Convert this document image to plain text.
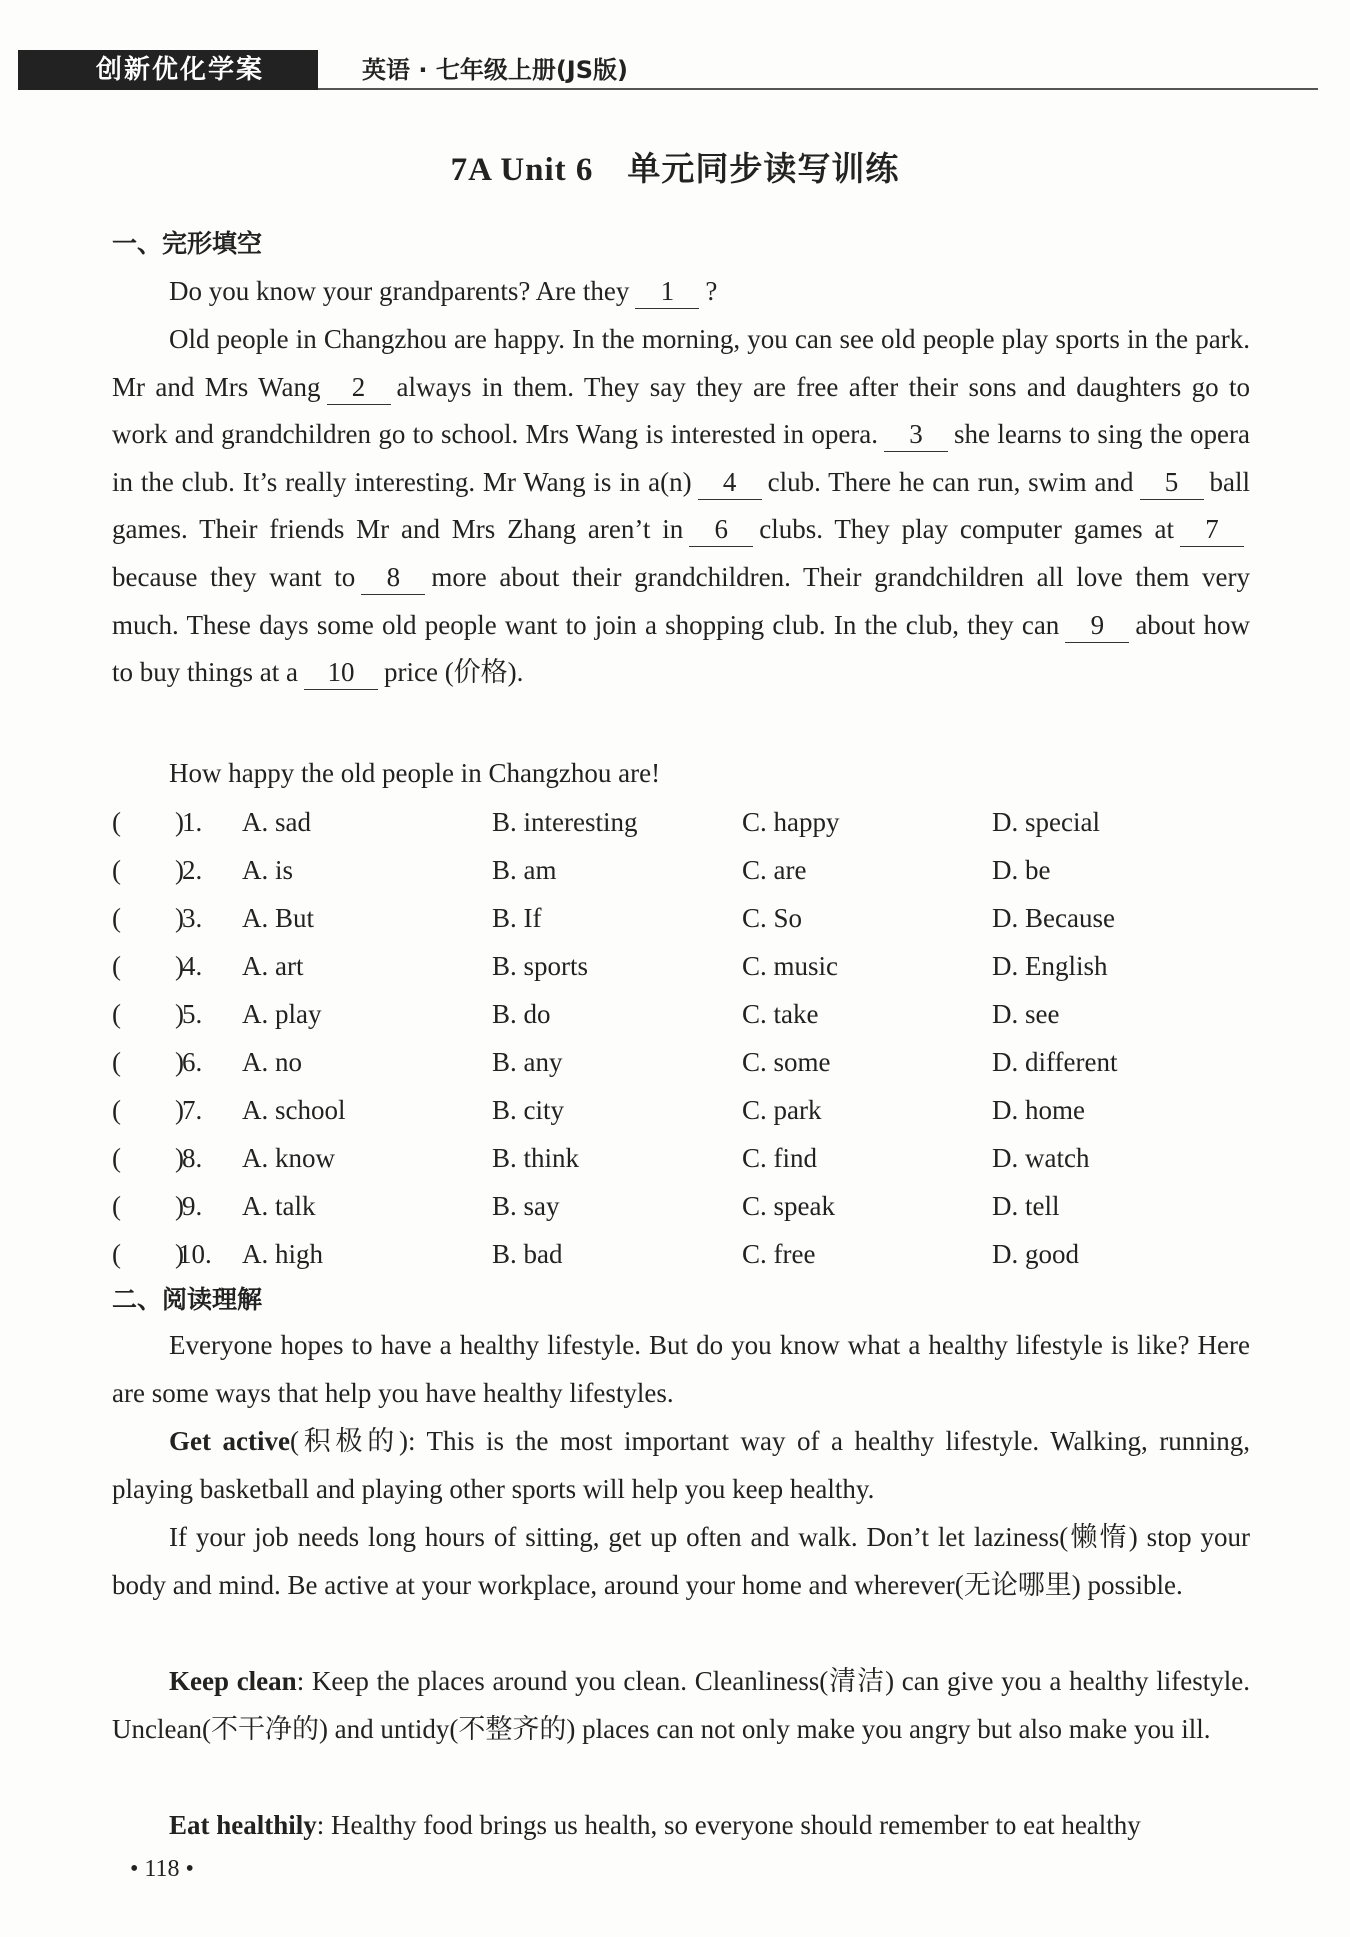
创新优化学案	英语 · 七年级上册(JS版)
7A Unit 6　单元同步读写训练
一、完形填空

Do you know your grandparents? Are they 1 ?

Old people in Changzhou are happy. In the morning, you can see old people play sports in the park. Mr and Mrs Wang 2 always in them. They say they are free after their sons and daughters go to work and grandchildren go to school. Mrs Wang is interested in opera. 3 she learns to sing the opera in the club. It’s really interesting. Mr Wang is in a(n) 4 club. There he can run, swim and 5 ball games. Their friends Mr and Mrs Zhang aren’t in 6 clubs. They play computer games at 7because they want to 8 more about their grandchildren. Their grandchildren all love them very much. These days some old people want to join a shopping club. In the club, they can 9 about how to buy things at a 10 price (价格).

How happy the old people in Changzhou are!

(　　)
1. A. sad	B. interesting	C. happy	D. special
(　　)
2. A. is	B. am	C. are	D. be
(　　)
3. A. But	B. If	C. So	D. Because
(　　)
4. A. art	B. sports	C. music	D. English
(　　)
5. A. play	B. do	C. take	D. see
(　　)
6. A. no	B. any	C. some	D. different
(　　)
7. A. school	B. city	C. park	D. home
(　　)
8. A. know	B. think	C. find	D. watch
(　　)
9. A. talk	B. say	C. speak	D. tell
(　　)
10. A. high	B. bad	C. free	D. good
二、阅读理解

Everyone hopes to have a healthy lifestyle. But do you know what a healthy lifestyle is like? Here are some ways that help you have healthy lifestyles.

Get active(积极的): This is the most important way of a healthy lifestyle. Walking, running, playing basketball and playing other sports will help you keep healthy.

If your job needs long hours of sitting, get up often and walk. Don’t let laziness(懒惰) stop your body and mind. Be active at your workplace, around your home and wherever(无论哪里) possible.

Keep clean: Keep the places around you clean. Cleanliness(清洁) can give you a healthy lifestyle. Unclean(不干净的) and untidy(不整齐的) places can not only make you angry but also make you ill.

Eat healthily: Healthy food brings us health, so everyone should remember to eat healthy

• 118 •
